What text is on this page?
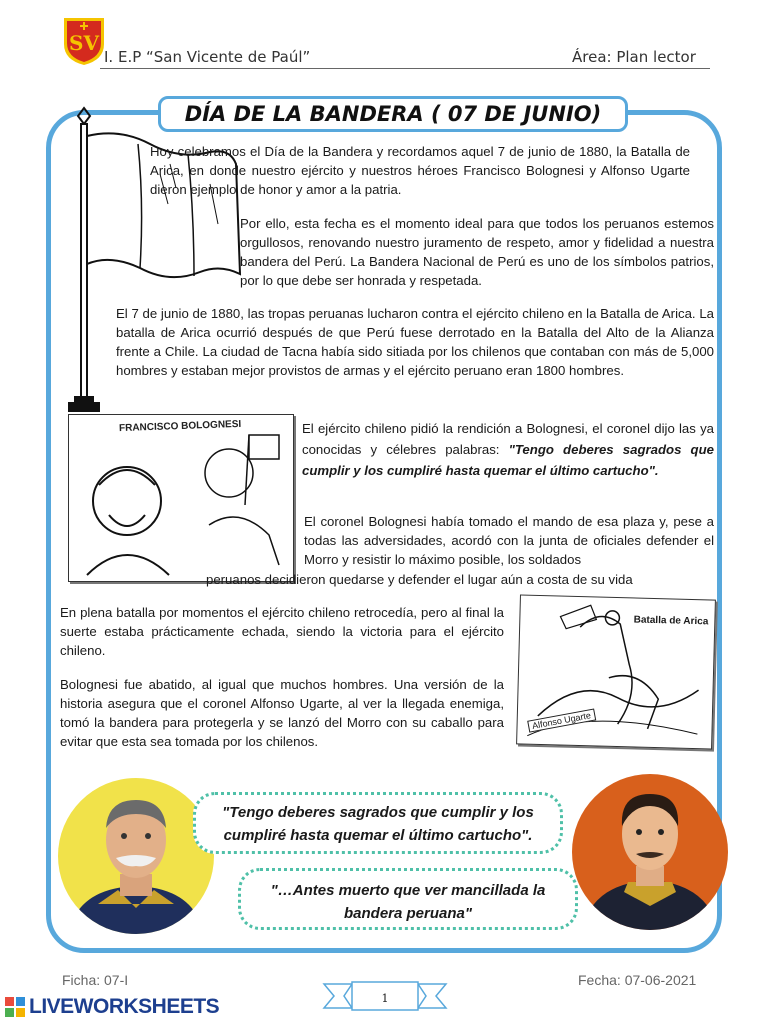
SV
I. E.P “San Vicente de Paúl”	Área: Plan lector
DÍA DE LA BANDERA ( 07 DE JUNIO)

Hoy celebramos el Día de la Bandera y recordamos aquel 7 de junio de 1880, la Batalla de Arica, en donde nuestro ejército y nuestros héroes Francisco Bolognesi y Alfonso Ugarte dieron ejemplo de honor y amor a la patria.

Por ello, esta fecha es el momento ideal para que todos los peruanos estemos orgullosos, renovando nuestro juramento de respeto, amor y fidelidad a nuestra bandera del Perú. La Bandera Nacional de Perú es uno de los símbolos patrios, por lo que debe ser honrada y respetada.

El 7 de junio de 1880, las tropas peruanas lucharon contra el ejército chileno en la Batalla de Arica. La batalla de Arica ocurrió después de que Perú fuese derrotado en la Batalla del Alto de la Alianza frente a Chile. La ciudad de Tacna había sido sitiada por los chilenos que contaban con más de 5,000 hombres y estaban mejor provistos de armas y el ejército peruano eran 1800 hombres.

FRANCISCO BOLOGNESI	El ejército chileno pidió la rendición a Bolognesi, el coronel dijo las ya conocidas y célebres palabras: "Tengo deberes sagrados que cumplir y los cumpliré hasta quemar el último cartucho".

El coronel Bolognesi había tomado el mando de esa plaza y, pese a todas las adversidades, acordó con la junta de oficiales defender el Morro y resistir lo máximo posible, los soldados

peruanos decidieron quedarse y defender el lugar aún a costa de su vida

En plena batalla por momentos el ejército chileno retrocedía, pero al final la suerte estaba prácticamente echada, siendo la victoria para el ejército chileno.

Bolognesi fue abatido, al igual que muchos hombres. Una versión de la historia asegura que el coronel Alfonso Ugarte, al ver la llegada enemiga, tomó la bandera para protegerla y se lanzó del Morro con su caballo para evitar que esta sea tomada por los chilenos.

Batalla de Arica
Alfonso Ugarte
"Tengo deberes sagrados que cumplir y los cumpliré hasta quemar el último cartucho".
"…Antes muerto que ver mancillada la bandera peruana"
Ficha: 07-I	Fecha: 07-06-2021
1
LIVEWORKSHEETS
